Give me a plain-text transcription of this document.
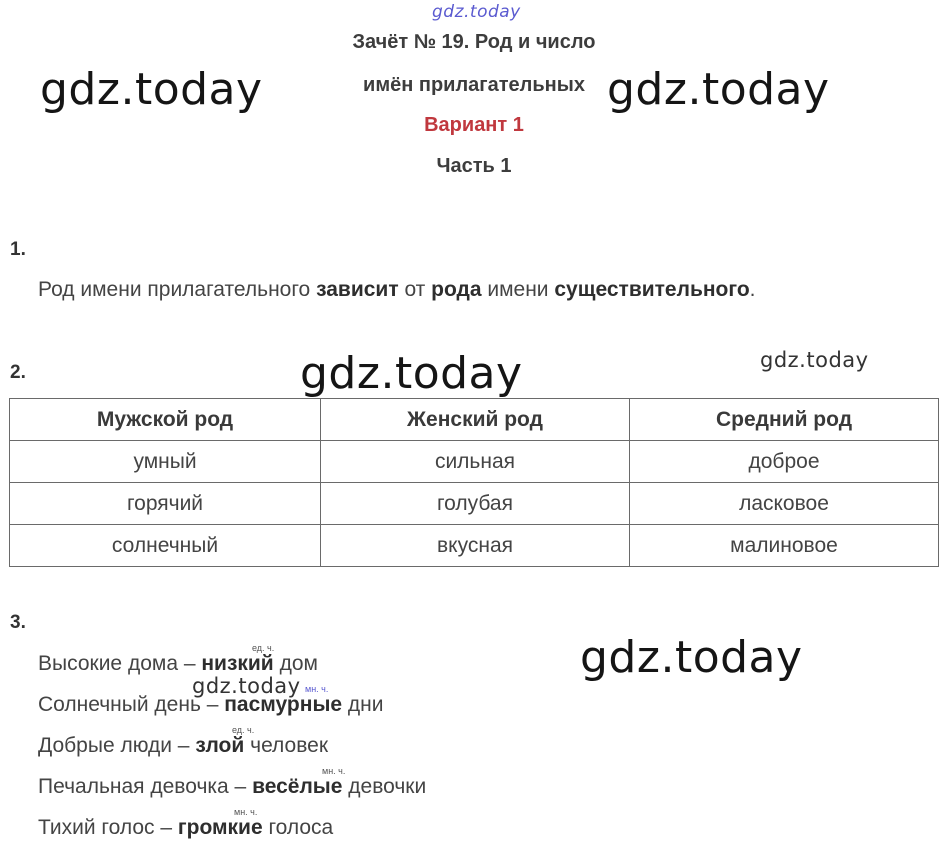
gdz.today
gdz.today	gdz.today
gdz.today	gdz.today
gdz.today
gdz.today
Зачёт № 19. Род и число
имён прилагательных
Вариант 1
Часть 1
1.
Род имени прилагательного зависит от рода имени существительного.
2.
Мужской род	Женский род	Средний род
умный	сильная	доброе
горячий	голубая	ласковое
солнечный	вкусная	малиновое
3.
ед. ч.
Высокие дома – низкий дом
мн. ч.
Солнечный день – пасмурные дни
ед. ч.
Добрые люди – злой человек
мн. ч.
Печальная девочка – весёлые девочки
мн. ч.
Тихий голос – громкие голоса
